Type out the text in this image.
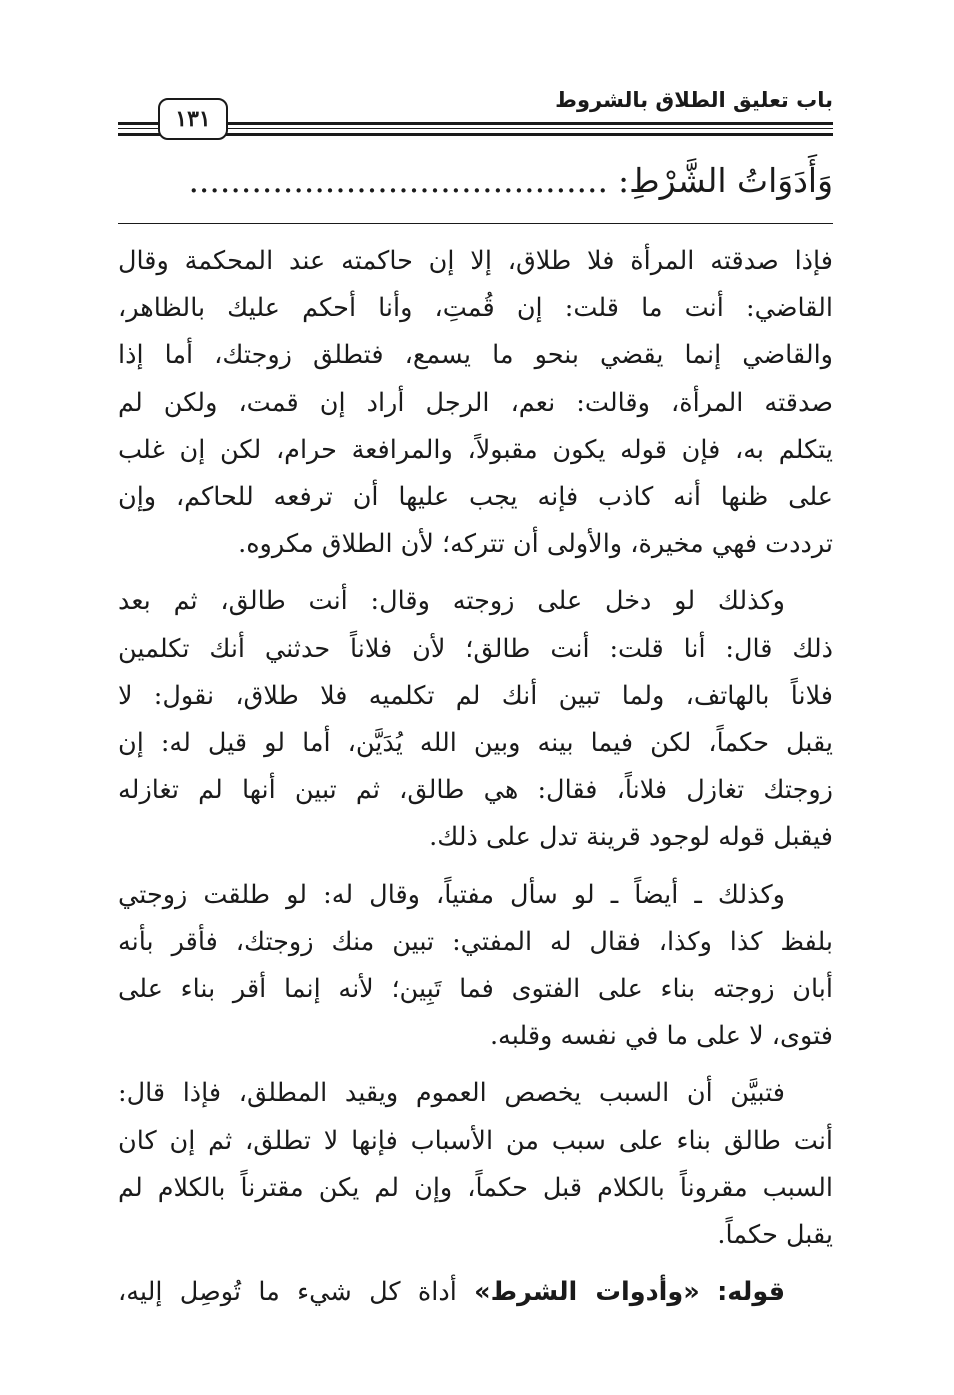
باب تعليق الطلاق بالشروط
١٣١
وَأَدَوَاتُ الشَّرْطِ:........................................
فإذا صدقته المرأة فلا طلاق، إلا إن حاكمته عند المحكمة وقال
القاضي: أنت ما قلت: إن قُمتِ، وأنا أحكم عليك بالظاهر،
والقاضي إنما يقضي بنحو ما يسمع، فتطلق زوجتك، أما إذا
صدقته المرأة، وقالت: نعم، الرجل أراد إن قمت، ولكن لم
يتكلم به، فإن قوله يكون مقبولاً، والمرافعة حرام، لكن إن غلب
على ظنها أنه كاذب فإنه يجب عليها أن ترفعه للحاكم، وإن
ترددت فهي مخيرة، والأولى أن تتركه؛ لأن الطلاق مكروه.
وكذلك لو دخل على زوجته وقال: أنت طالق، ثم بعد
ذلك قال: أنا قلت: أنت طالق؛ لأن فلاناً حدثني أنك تكلمين
فلاناً بالهاتف، ولما تبين أنك لم تكلميه فلا طلاق، نقول: لا
يقبل حكماً، لكن فيما بينه وبين الله يُدَيَّن، أما لو قيل له: إن
زوجتك تغازل فلاناً، فقال: هي طالق، ثم تبين أنها لم تغازله
فيقبل قوله لوجود قرينة تدل على ذلك.
وكذلك ـ أيضاً ـ لو سأل مفتياً، وقال له: لو طلقت زوجتي
بلفظ كذا وكذا، فقال له المفتي: تبين منك زوجتك، فأقر بأنه
أبان زوجته بناء على الفتوى فما تَبِين؛ لأنه إنما أقر بناء على
فتوى، لا على ما في نفسه وقلبه.
فتبيَّن أن السبب يخصص العموم ويقيد المطلق، فإذا قال:
أنت طالق بناء على سبب من الأسباب فإنها لا تطلق، ثم إن كان
السبب مقروناً بالكلام قبل حكماً، وإن لم يكن مقترناً بالكلام لم
يقبل حكماً.
قوله: «وأدوات الشرط» أداة كل شيء ما تُوصِل إليه،
